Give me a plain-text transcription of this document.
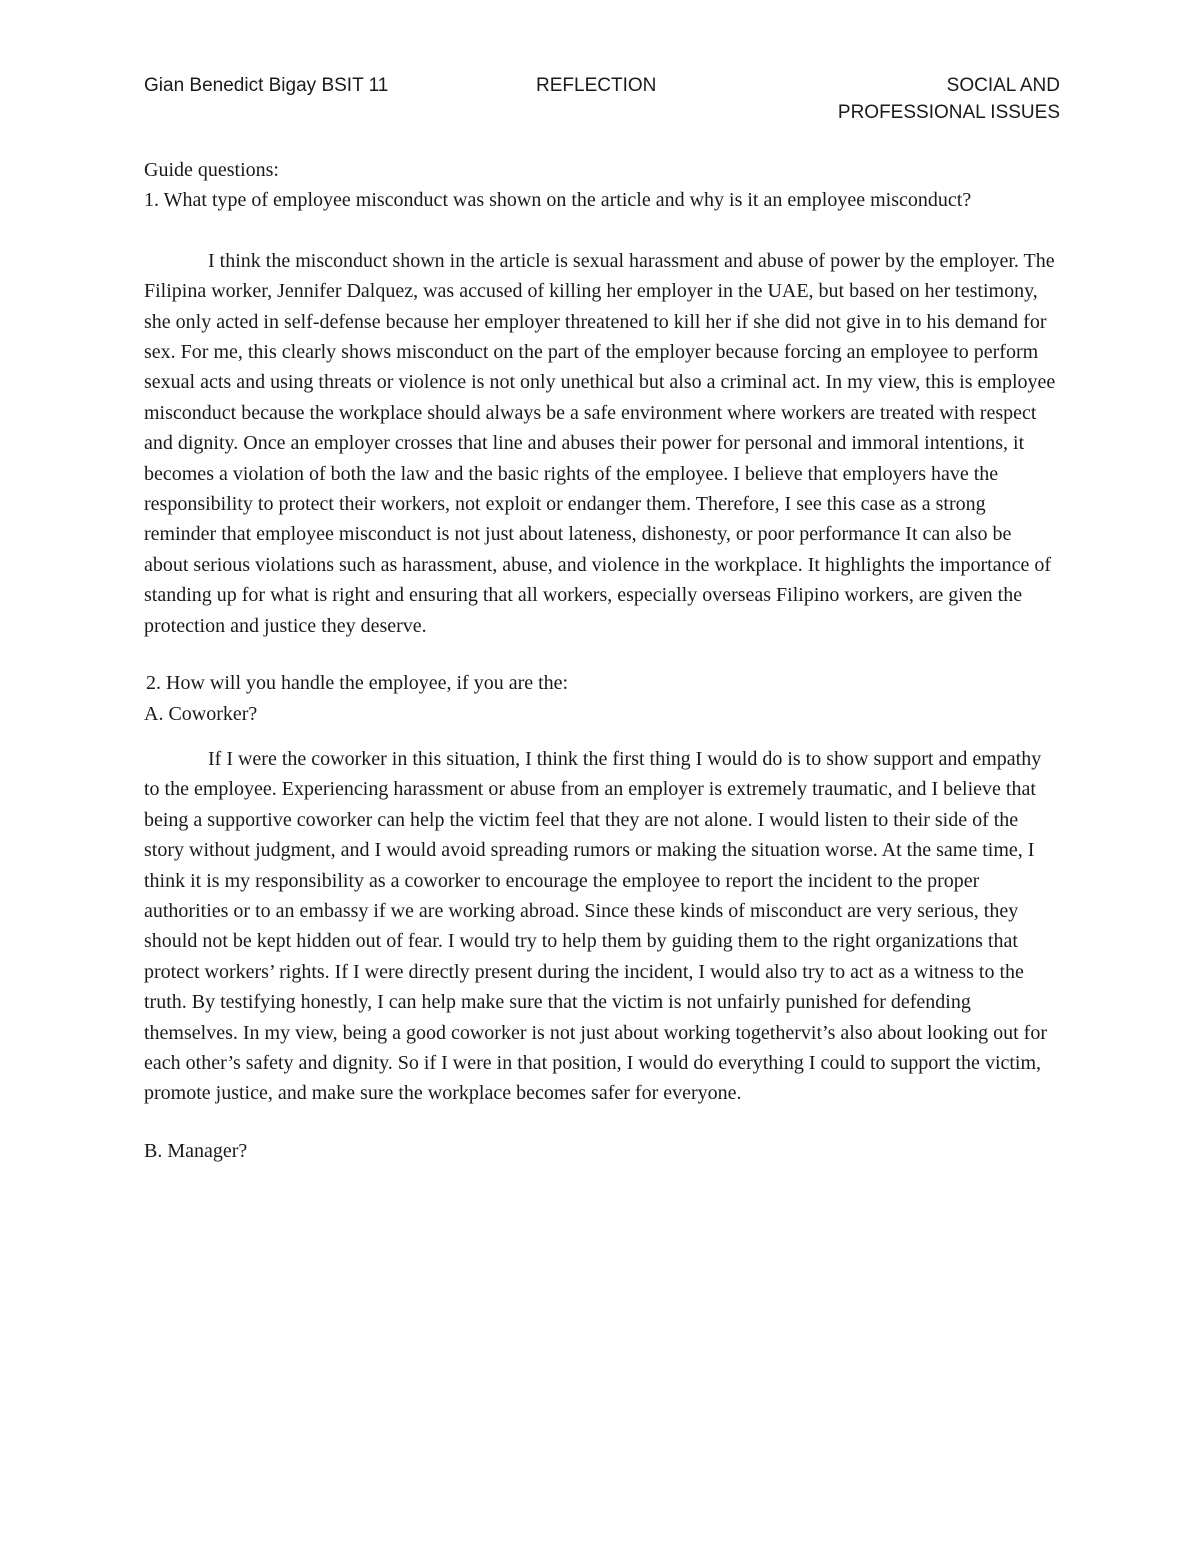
Gian Benedict Bigay BSIT 11	REFLECTION	SOCIAL AND
PROFESSIONAL ISSUES

Guide questions:

1. What type of employee misconduct was shown on the article and why is it an employee misconduct?

I think the misconduct shown in the article is sexual harassment and abuse of power by the employer. The Filipina worker, Jennifer Dalquez, was accused of killing her employer in the UAE, but based on her testimony, she only acted in self-defense because her employer threatened to kill her if she did not give in to his demand for sex. For me, this clearly shows misconduct on the part of the employer because forcing an employee to perform sexual acts and using threats or violence is not only unethical but also a criminal act. In my view, this is employee misconduct because the workplace should always be a safe environment where workers are treated with respect and dignity. Once an employer crosses that line and abuses their power for personal and immoral intentions, it becomes a violation of both the law and the basic rights of the employee. I believe that employers have the responsibility to protect their workers, not exploit or endanger them. Therefore, I see this case as a strong reminder that employee misconduct is not just about lateness, dishonesty, or poor performance It can also be about serious violations such as harassment, abuse, and violence in the workplace. It highlights the importance of standing up for what is right and ensuring that all workers, especially overseas Filipino workers, are given the protection and justice they deserve.

2. How will you handle the employee, if you are the:

A. Coworker?

If I were the coworker in this situation, I think the first thing I would do is to show support and empathy to the employee. Experiencing harassment or abuse from an employer is extremely traumatic, and I believe that being a supportive coworker can help the victim feel that they are not alone. I would listen to their side of the story without judgment, and I would avoid spreading rumors or making the situation worse. At the same time, I think it is my responsibility as a coworker to encourage the employee to report the incident to the proper authorities or to an embassy if we are working abroad. Since these kinds of misconduct are very serious, they should not be kept hidden out of fear. I would try to help them by guiding them to the right organizations that protect workers’ rights. If I were directly present during the incident, I would also try to act as a witness to the truth. By testifying honestly, I can help make sure that the victim is not unfairly punished for defending themselves. In my view, being a good coworker is not just about working togethervit’s also about looking out for each other’s safety and dignity. So if I were in that position, I would do everything I could to support the victim, promote justice, and make sure the workplace becomes safer for everyone.

B. Manager?
